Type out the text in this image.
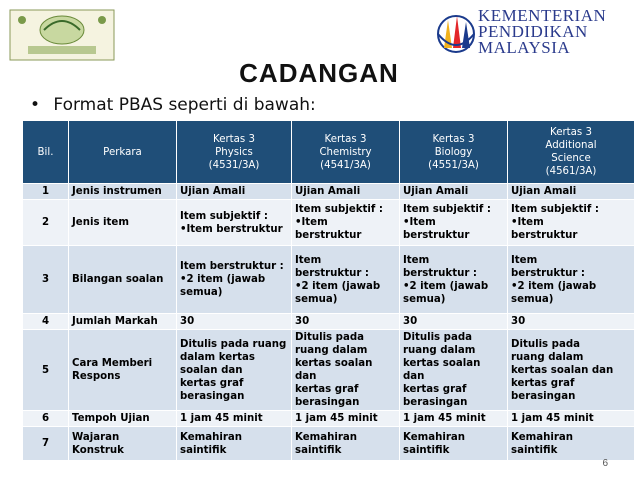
KEMENTERIAN
PENDIDIKAN
MALAYSIA
CADANGAN
• Format PBAS seperti di bawah:
Bil.	Perkara	Kertas 3
Physics
(4531/3A)	Kertas 3
Chemistry
(4541/3A)	Kertas 3
Biology
(4551/3A)	Kertas 3
Additional
Science
(4561/3A)
1	Jenis instrumen	Ujian Amali	Ujian Amali	Ujian Amali	Ujian Amali
2	Jenis item	Item subjektif :
•Item berstruktur	Item subjektif :
•Item
berstruktur	Item subjektif :
•Item
berstruktur	Item subjektif :
•Item
berstruktur
3	Bilangan soalan	Item berstruktur :
•2 item (jawab
semua)	Item
berstruktur :
•2 item (jawab
semua)	Item
berstruktur :
•2 item (jawab
semua)	Item
berstruktur :
•2 item (jawab
semua)
4	Jumlah Markah	30	30	30	30
5	Cara Memberi
Respons	Ditulis pada ruang
dalam kertas
soalan dan
kertas graf
berasingan	Ditulis pada
ruang dalam
kertas soalan dan
kertas graf
berasingan	Ditulis pada
ruang dalam
kertas soalan dan
kertas graf
berasingan	Ditulis pada
ruang dalam
kertas soalan dan
kertas graf
berasingan
6	Tempoh Ujian	1 jam 45 minit	1 jam 45 minit	1 jam 45 minit	1 jam 45 minit
7	Wajaran Konstruk	Kemahiran saintifik	Kemahiran
saintifik	Kemahiran
saintifik	Kemahiran
saintifik
6
